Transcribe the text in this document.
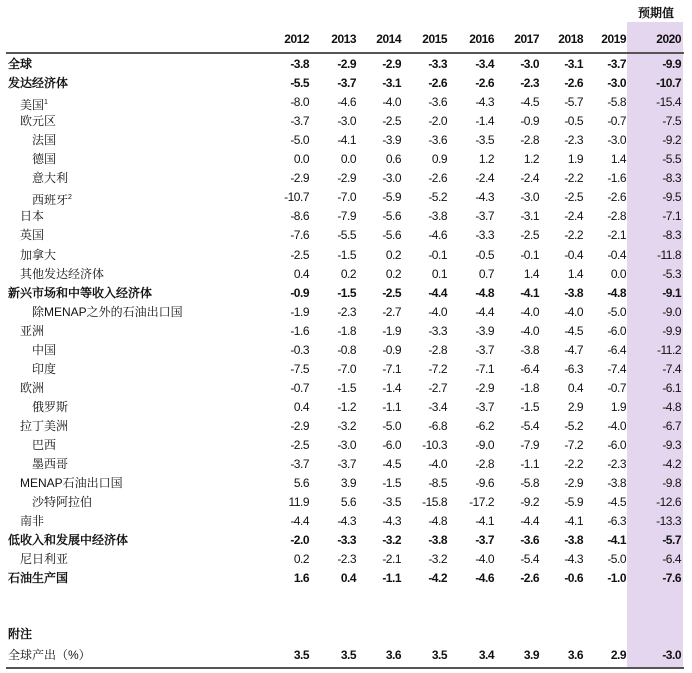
预期值
2012	2013	2014	2015	2016	2017	2018	2019	2020
全球	-3.8	-2.9	-2.9	-3.3	-3.4	-3.0	-3.1	-3.7	-9.9
发达经济体	-5.5	-3.7	-3.1	-2.6	-2.6	-2.3	-2.6	-3.0	-10.7
美国$^1$	-8.0	-4.6	-4.0	-3.6	-4.3	-4.5	-5.7	-5.8	-15.4
欧元区	-3.7	-3.0	-2.5	-2.0	-1.4	-0.9	-0.5	-0.7	-7.5
法国	-5.0	-4.1	-3.9	-3.6	-3.5	-2.8	-2.3	-3.0	-9.2
德国	0.0	0.0	0.6	0.9	1.2	1.2	1.9	1.4	-5.5
意大利	-2.9	-2.9	-3.0	-2.6	-2.4	-2.4	-2.2	-1.6	-8.3
西班牙$^2$	-10.7	-7.0	-5.9	-5.2	-4.3	-3.0	-2.5	-2.6	-9.5
日本	-8.6	-7.9	-5.6	-3.8	-3.7	-3.1	-2.4	-2.8	-7.1
英国	-7.6	-5.5	-5.6	-4.6	-3.3	-2.5	-2.2	-2.1	-8.3
加拿大	-2.5	-1.5	0.2	-0.1	-0.5	-0.1	-0.4	-0.4	-11.8
其他发达经济体	0.4	0.2	0.2	0.1	0.7	1.4	1.4	0.0	-5.3
新兴市场和中等收入经济体	-0.9	-1.5	-2.5	-4.4	-4.8	-4.1	-3.8	-4.8	-9.1
除MENAP之外的石油出口国	-1.9	-2.3	-2.7	-4.0	-4.4	-4.0	-4.0	-5.0	-9.0
亚洲	-1.6	-1.8	-1.9	-3.3	-3.9	-4.0	-4.5	-6.0	-9.9
中国	-0.3	-0.8	-0.9	-2.8	-3.7	-3.8	-4.7	-6.4	-11.2
印度	-7.5	-7.0	-7.1	-7.2	-7.1	-6.4	-6.3	-7.4	-7.4
欧洲	-0.7	-1.5	-1.4	-2.7	-2.9	-1.8	0.4	-0.7	-6.1
俄罗斯	0.4	-1.2	-1.1	-3.4	-3.7	-1.5	2.9	1.9	-4.8
拉丁美洲	-2.9	-3.2	-5.0	-6.8	-6.2	-5.4	-5.2	-4.0	-6.7
巴西	-2.5	-3.0	-6.0	-10.3	-9.0	-7.9	-7.2	-6.0	-9.3
墨西哥	-3.7	-3.7	-4.5	-4.0	-2.8	-1.1	-2.2	-2.3	-4.2
MENAP石油出口国	5.6	3.9	-1.5	-8.5	-9.6	-5.8	-2.9	-3.8	-9.8
沙特阿拉伯	11.9	5.6	-3.5	-15.8	-17.2	-9.2	-5.9	-4.5	-12.6
南非	-4.4	-4.3	-4.3	-4.8	-4.1	-4.4	-4.1	-6.3	-13.3
低收入和发展中经济体	-2.0	-3.3	-3.2	-3.8	-3.7	-3.6	-3.8	-4.1	-5.7
尼日利亚	0.2	-2.3	-2.1	-3.2	-4.0	-5.4	-4.3	-5.0	-6.4
石油生产国	1.6	0.4	-1.1	-4.2	-4.6	-2.6	-0.6	-1.0	-7.6
附注
全球产出（%）	3.5	3.5	3.6	3.5	3.4	3.9	3.6	2.9	-3.0
